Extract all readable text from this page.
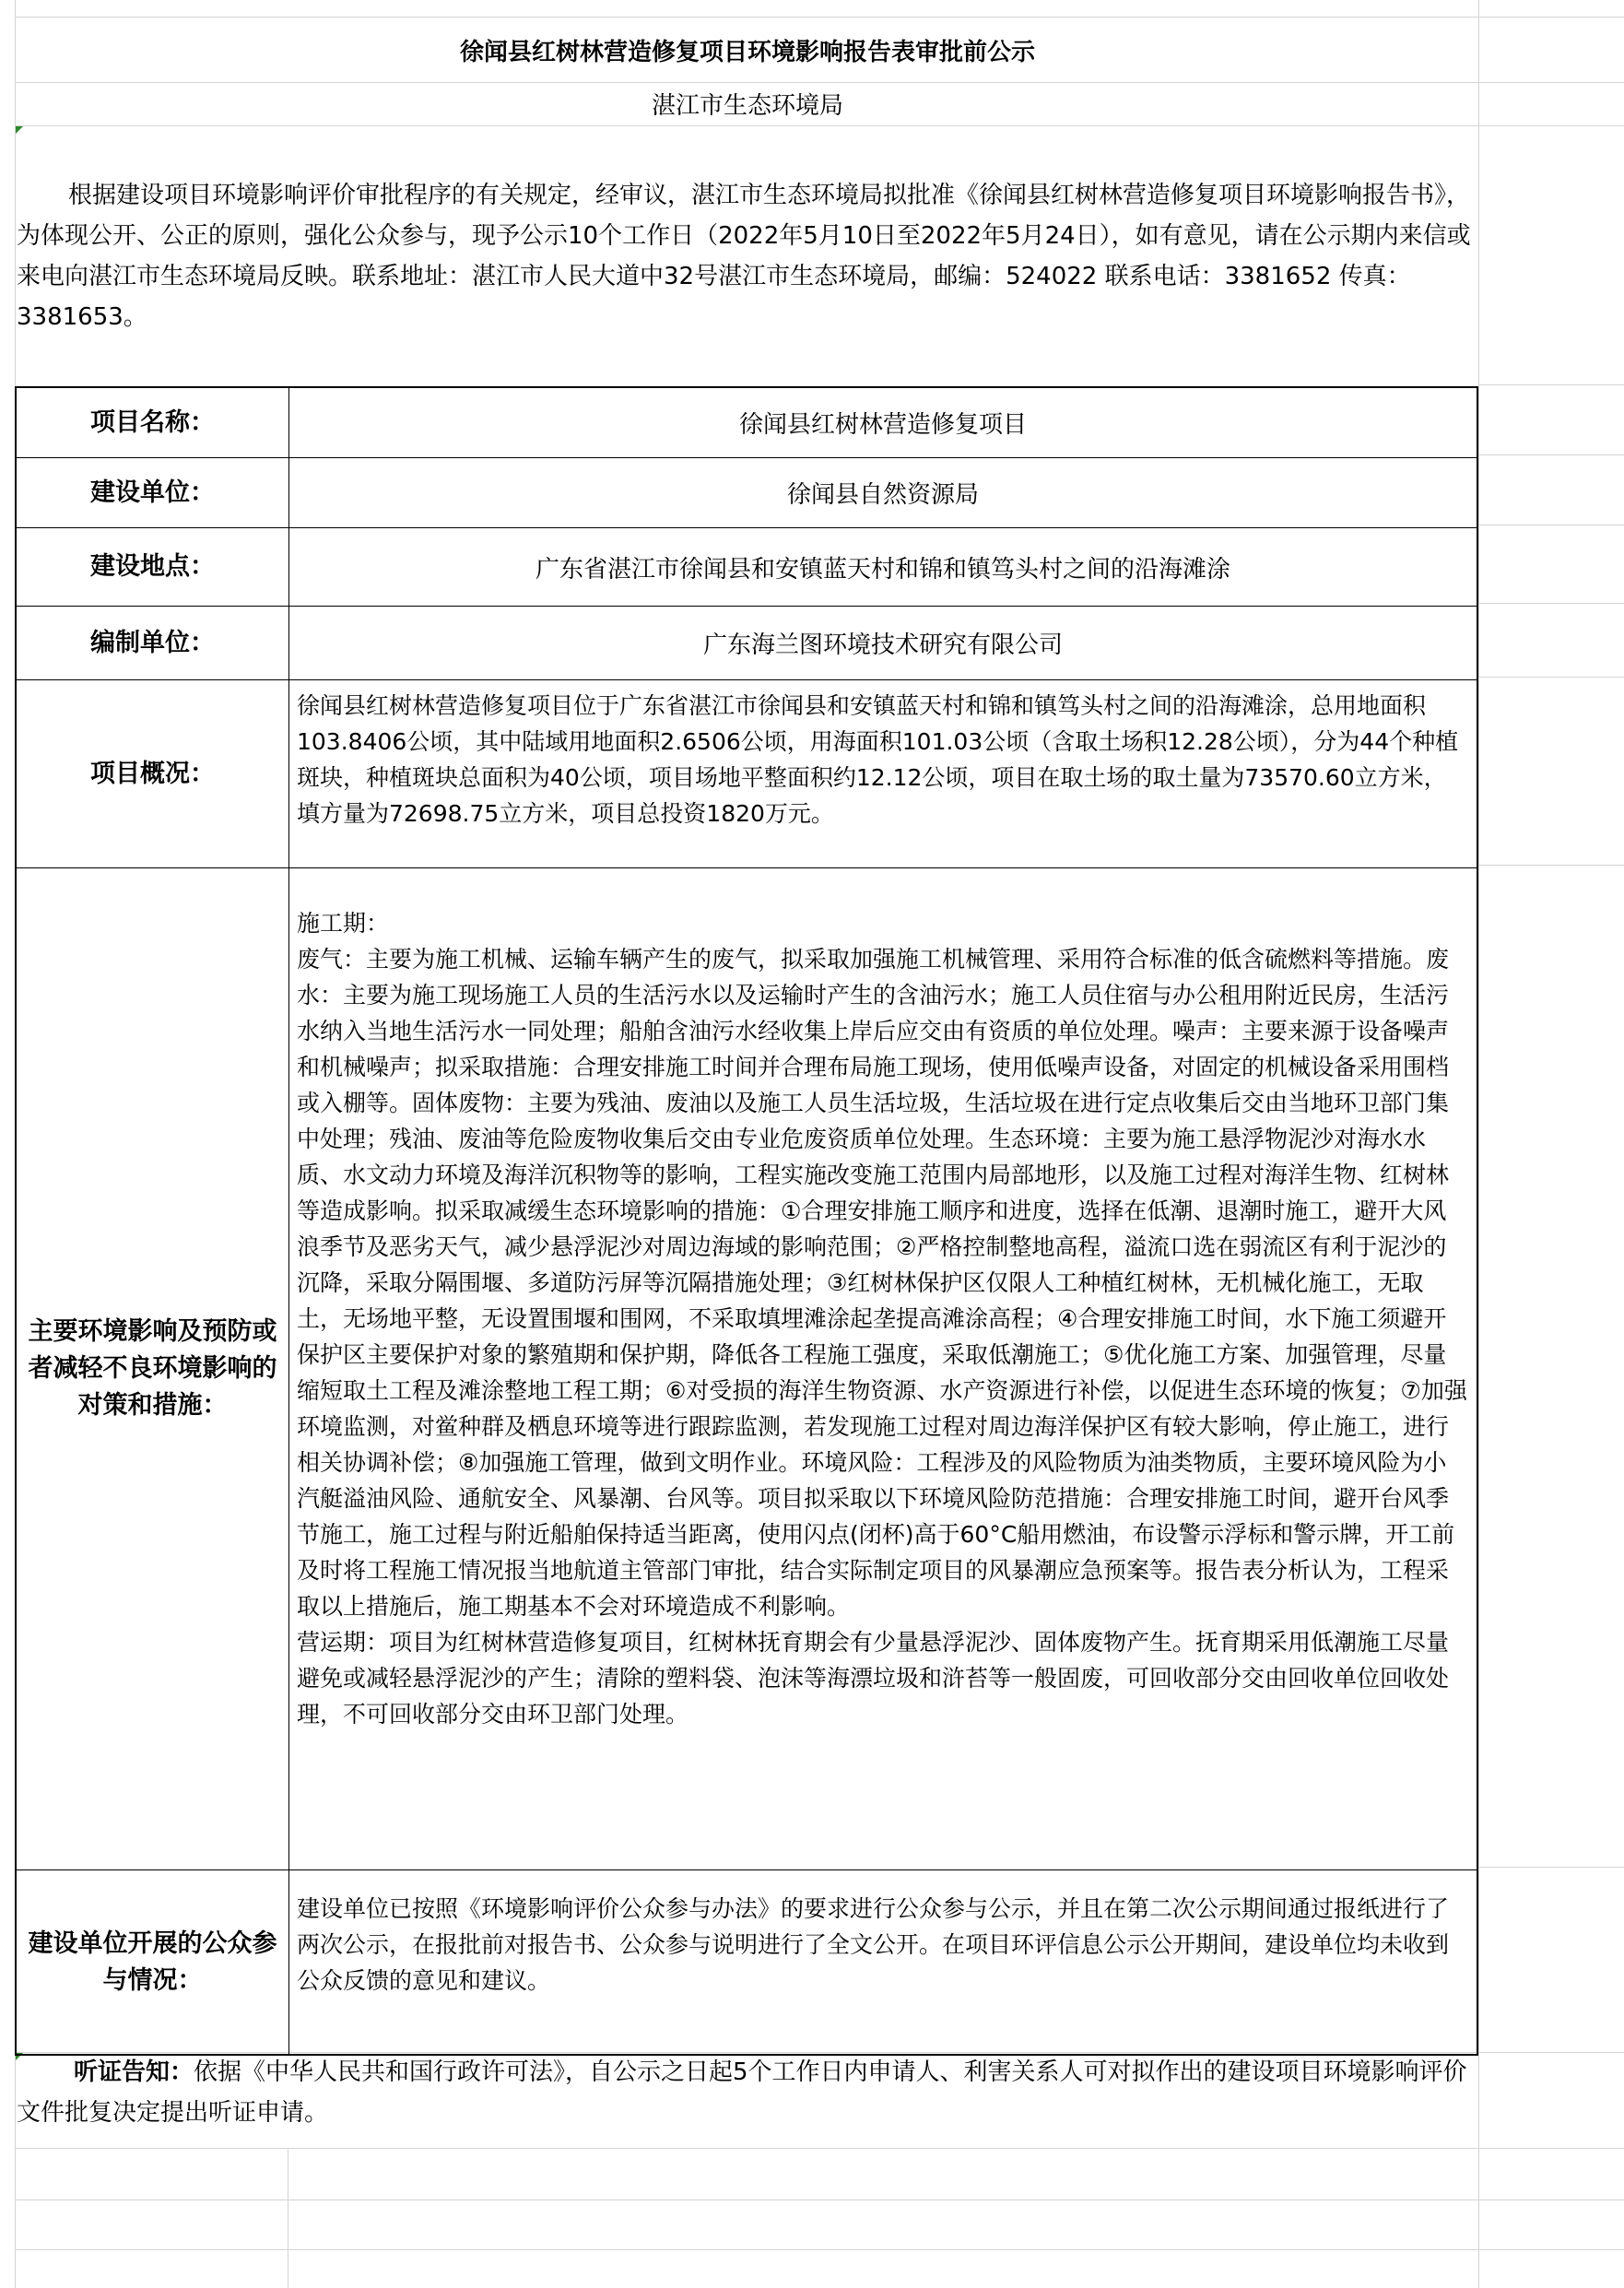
徐闻县红树林营造修复项目环境影响报告表审批前公示
湛江市生态环境局

根据建设项目环境影响评价审批程序的有关规定，经审议，湛江市生态环境局拟批准《徐闻县红树林营造修复项目环境影响报告书》，为体现公开、公正的原则，强化公众参与，现予公示10个工作日（2022年5月10日至2022年5月24日），如有意见，请在公示期内来信或来电向湛江市生态环境局反映。联系地址：湛江市人民大道中32号湛江市生态环境局，邮编：524022 联系电话：3381652 传真：3381653。

项目名称：	徐闻县红树林营造修复项目
建设单位：	徐闻县自然资源局
建设地点：	广东省湛江市徐闻县和安镇蓝天村和锦和镇笃头村之间的沿海滩涂
编制单位：	广东海兰图环境技术研究有限公司
项目概况：

徐闻县红树林营造修复项目位于广东省湛江市徐闻县和安镇蓝天村和锦和镇笃头村之间的沿海滩涂，总用地面积103.8406公顷，其中陆域用地面积2.6506公顷，用海面积101.03公顷（含取土场积12.28公顷），分为44个种植斑块，种植斑块总面积为40公顷，项目场地平整面积约12.12公顷，项目在取土场的取土量为73570.60立方米，填方量为72698.75立方米，项目总投资1820万元。

主要环境影响及预防或者减轻不良环境影响的对策和措施：

施工期：

废气：主要为施工机械、运输车辆产生的废气，拟采取加强施工机械管理、采用符合标准的低含硫燃料等措施。废水：主要为施工现场施工人员的生活污水以及运输时产生的含油污水；施工人员住宿与办公租用附近民房，生活污水纳入当地生活污水一同处理；船舶含油污水经收集上岸后应交由有资质的单位处理。噪声：主要来源于设备噪声和机械噪声；拟采取措施：合理安排施工时间并合理布局施工现场，使用低噪声设备，对固定的机械设备采用围档或入棚等。固体废物：主要为残油、废油以及施工人员生活垃圾，生活垃圾在进行定点收集后交由当地环卫部门集中处理；残油、废油等危险废物收集后交由专业危废资质单位处理。生态环境：主要为施工悬浮物泥沙对海水水质、水文动力环境及海洋沉积物等的影响，工程实施改变施工范围内局部地形，以及施工过程对海洋生物、红树林等造成影响。拟采取减缓生态环境影响的措施：①合理安排施工顺序和进度，选择在低潮、退潮时施工，避开大风浪季节及恶劣天气，减少悬浮泥沙对周边海域的影响范围；②严格控制整地高程，溢流口选在弱流区有利于泥沙的沉降，采取分隔围堰、多道防污屏等沉隔措施处理；③红树林保护区仅限人工种植红树林，无机械化施工，无取土，无场地平整，无设置围堰和围网，不采取填埋滩涂起垄提高滩涂高程；④合理安排施工时间，水下施工须避开保护区主要保护对象的繁殖期和保护期，降低各工程施工强度，采取低潮施工；⑤优化施工方案、加强管理，尽量缩短取土工程及滩涂整地工程工期；⑥对受损的海洋生物资源、水产资源进行补偿，以促进生态环境的恢复；⑦加强环境监测，对鲎种群及栖息环境等进行跟踪监测，若发现施工过程对周边海洋保护区有较大影响，停止施工，进行相关协调补偿；⑧加强施工管理，做到文明作业。环境风险：工程涉及的风险物质为油类物质，主要环境风险为小汽艇溢油风险、通航安全、风暴潮、台风等。项目拟采取以下环境风险防范措施：合理安排施工时间，避开台风季节施工，施工过程与附近船舶保持适当距离，使用闪点(闭杯)高于60°C船用燃油，布设警示浮标和警示牌，开工前及时将工程施工情况报当地航道主管部门审批，结合实际制定项目的风暴潮应急预案等。报告表分析认为，工程采取以上措施后，施工期基本不会对环境造成不利影响。

营运期：项目为红树林营造修复项目，红树林抚育期会有少量悬浮泥沙、固体废物产生。抚育期采用低潮施工尽量避免或减轻悬浮泥沙的产生；清除的塑料袋、泡沫等海漂垃圾和浒苔等一般固废，可回收部分交由回收单位回收处理，不可回收部分交由环卫部门处理。

建设单位开展的公众参与情况：

建设单位已按照《环境影响评价公众参与办法》的要求进行公众参与公示，并且在第二次公示期间通过报纸进行了两次公示，在报批前对报告书、公众参与说明进行了全文公开。在项目环评信息公示公开期间，建设单位均未收到公众反馈的意见和建议。

听证告知：依据《中华人民共和国行政许可法》，自公示之日起5个工作日内申请人、利害关系人可对拟作出的建设项目环境影响评价文件批复决定提出听证申请。
